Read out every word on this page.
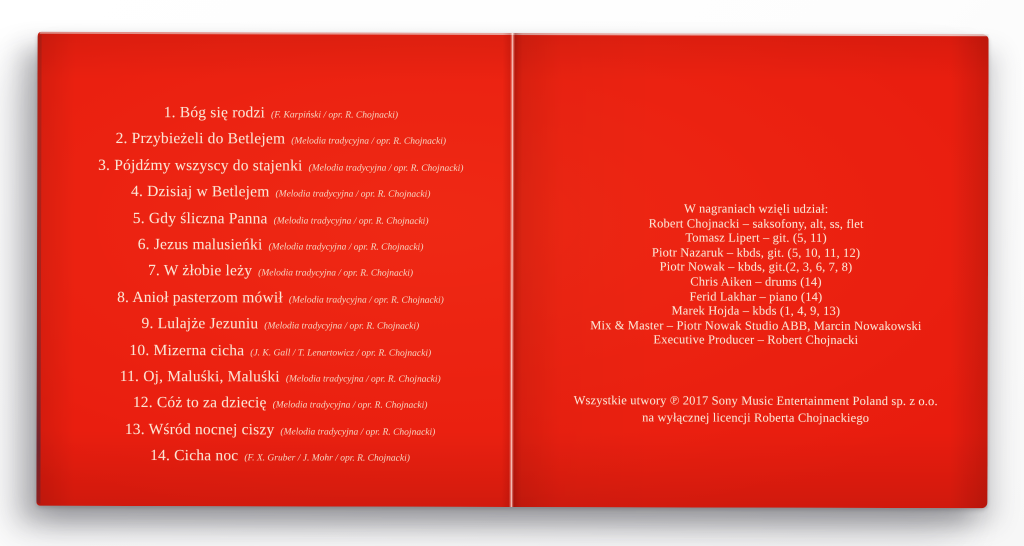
1. Bóg się rodzi (F. Karpiński / opr. R. Chojnacki)
2. Przybieżeli do Betlejem (Melodia tradycyjna / opr. R. Chojnacki)
3. Pójdźmy wszyscy do stajenki (Melodia tradycyjna / opr. R. Chojnacki)
4. Dzisiaj w Betlejem (Melodia tradycyjna / opr. R. Chojnacki)
5. Gdy śliczna Panna (Melodia tradycyjna / opr. R. Chojnacki)
6. Jezus malusieńki (Melodia tradycyjna / opr. R. Chojnacki)
7. W żłobie leży (Melodia tradycyjna / opr. R. Chojnacki)
8. Anioł pasterzom mówił (Melodia tradycyjna / opr. R. Chojnacki)
9. Lulajże Jezuniu (Melodia tradycyjna / opr. R. Chojnacki)
10. Mizerna cicha (J. K. Gall / T. Lenartowicz / opr. R. Chojnacki)
11. Oj, Maluśki, Maluśki (Melodia tradycyjna / opr. R. Chojnacki)
12. Cóż to za dziecię (Melodia tradycyjna / opr. R. Chojnacki)
13. Wśród nocnej ciszy (Melodia tradycyjna / opr. R. Chojnacki)
14. Cicha noc (F. X. Gruber / J. Mohr / opr. R. Chojnacki)
W nagraniach wzięli udział:
Robert Chojnacki – saksofony, alt, ss, flet
Tomasz Lipert – git. (5, 11)
Piotr Nazaruk – kbds, git. (5, 10, 11, 12)
Piotr Nowak – kbds, git.(2, 3, 6, 7, 8)
Chris Aiken – drums (14)
Ferid Lakhar – piano (14)
Marek Hojda – kbds (1, 4, 9, 13)
Mix & Master – Piotr Nowak Studio ABB, Marcin Nowakowski
Executive Producer – Robert Chojnacki
Wszystkie utwory ℗ 2017 Sony Music Entertainment Poland sp. z o.o.
na wyłącznej licencji Roberta Chojnackiego
